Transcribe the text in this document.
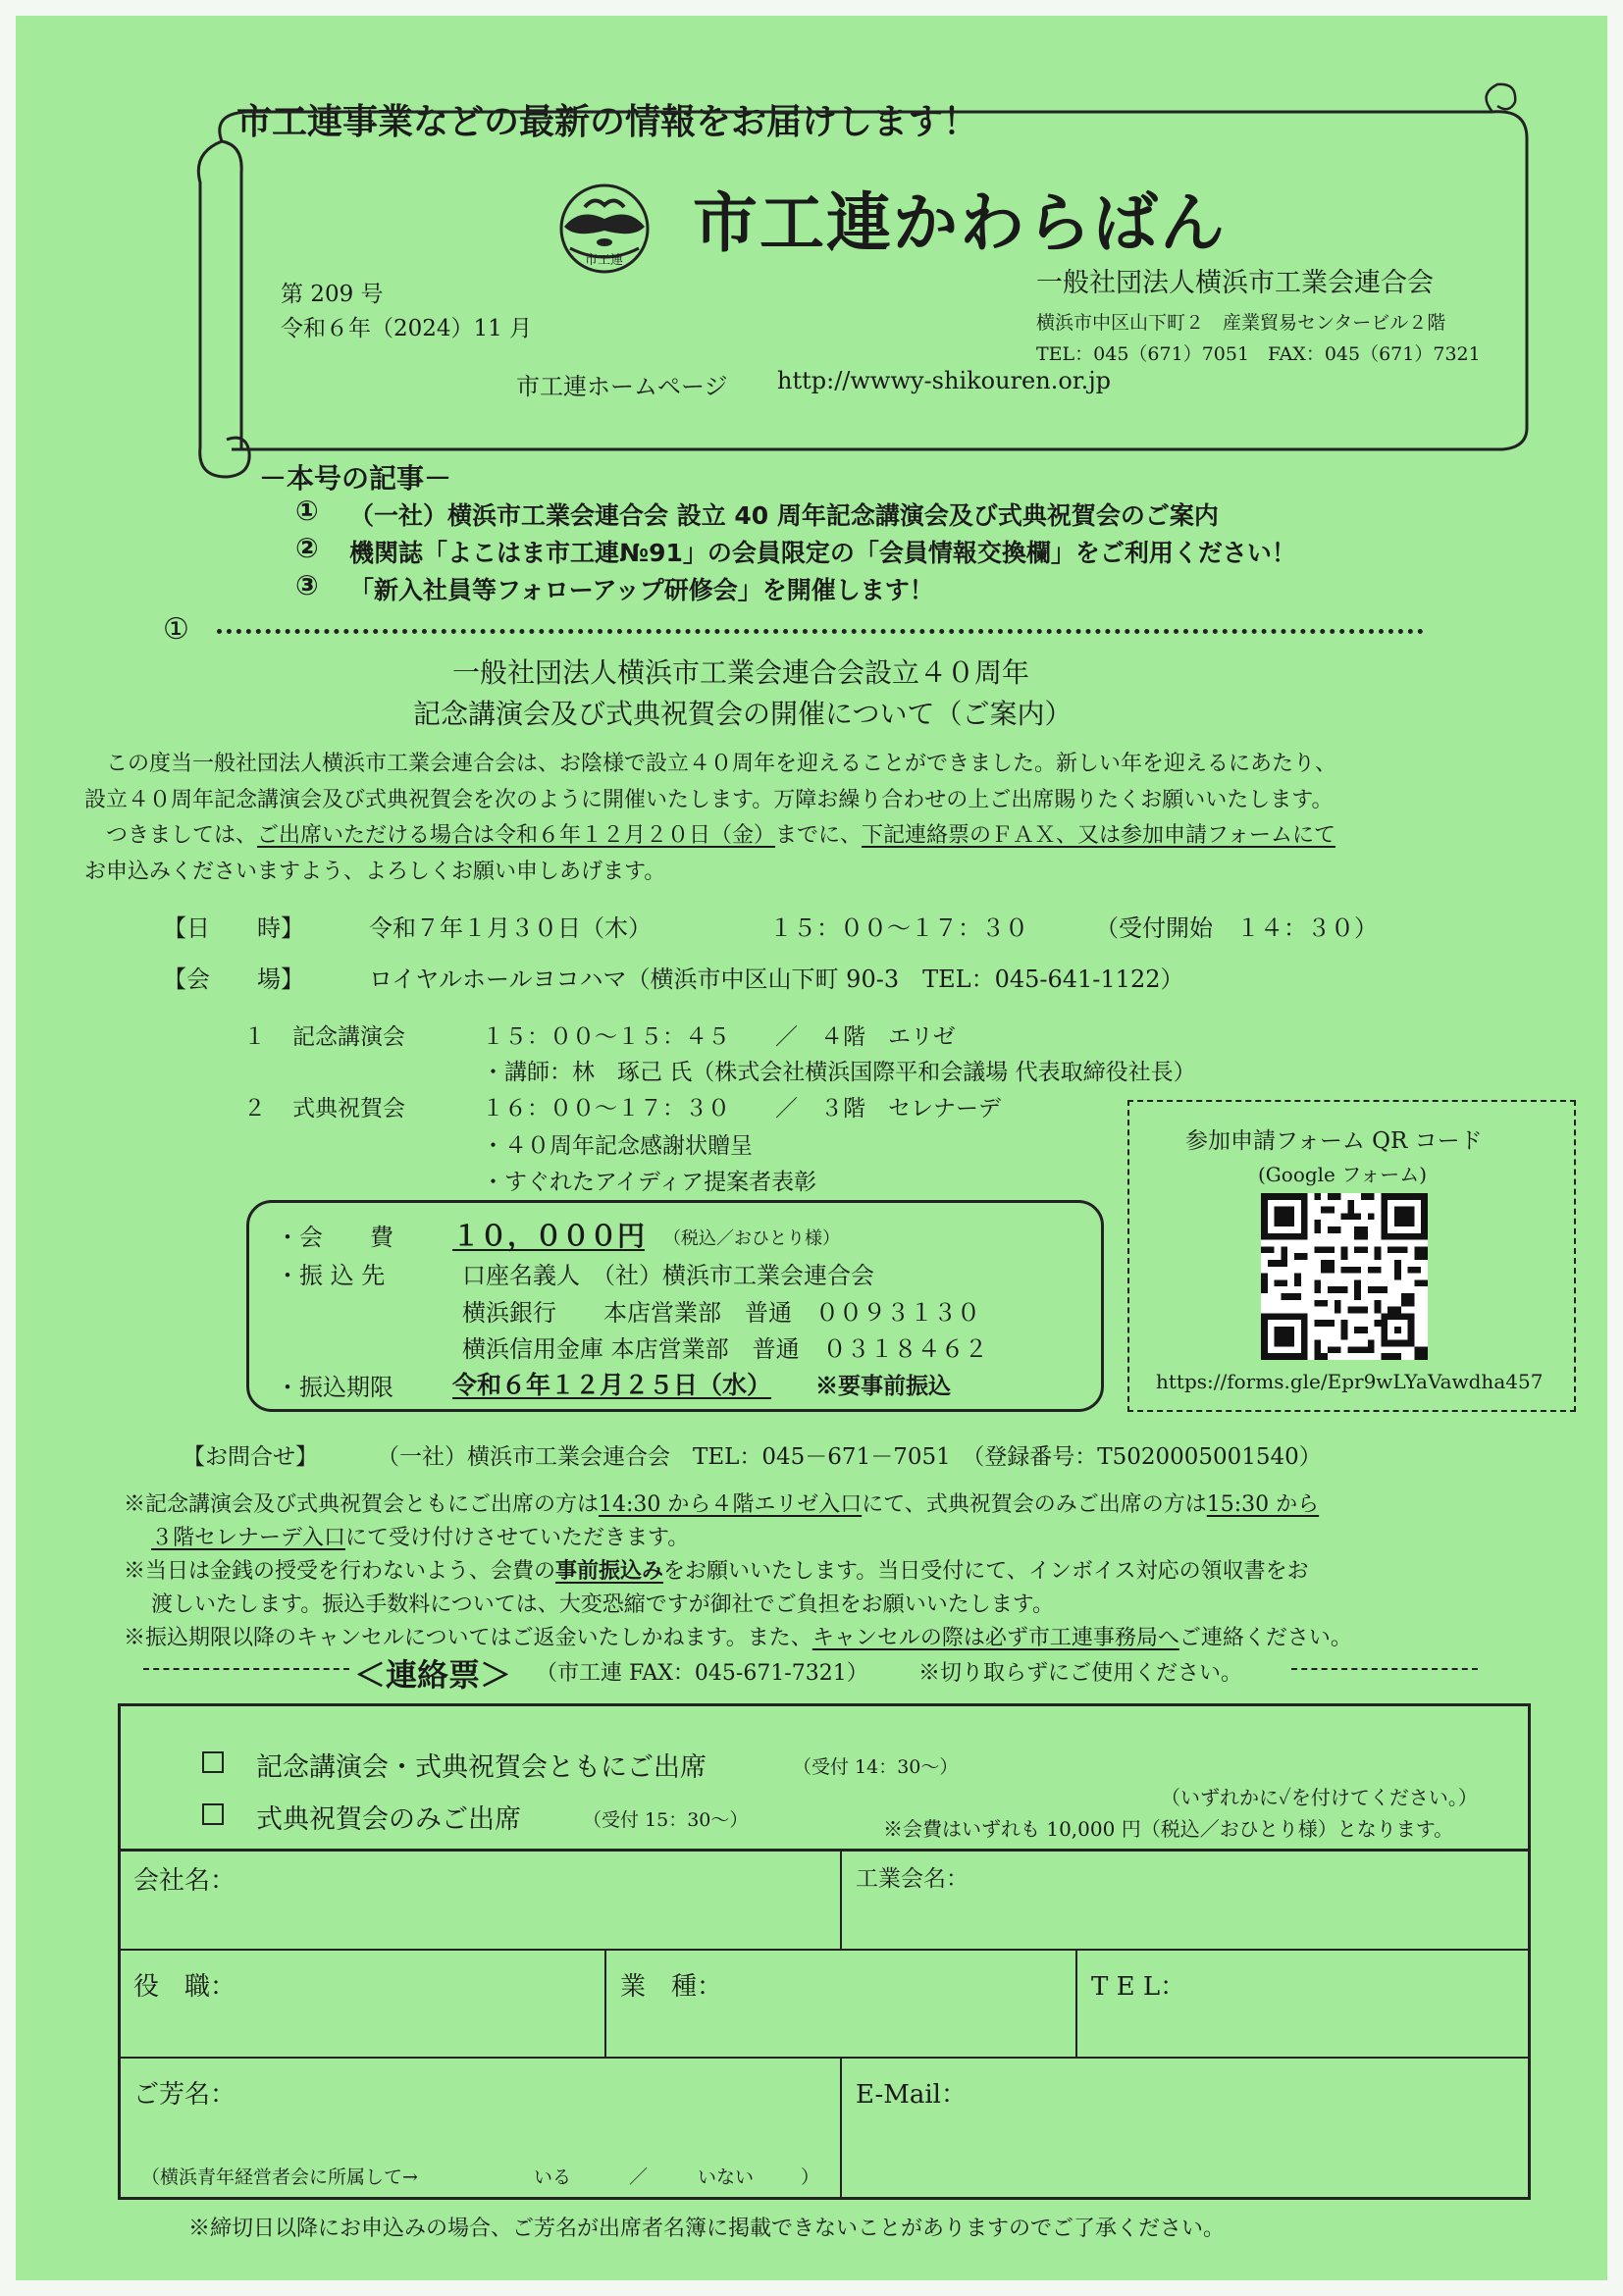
市工連事業などの最新の情報をお届けします！
市工連 市工連かわらばん
第 209 号
令和６年（2024）11 月
一般社団法人横浜市工業会連合会
横浜市中区山下町２　産業貿易センタービル２階
TEL：045（671）7051　FAX：045（671）7321
市工連ホームページ http://wwwy-shikouren.or.jp
－本号の記事－
① （一社）横浜市工業会連合会 設立 40 周年記念講演会及び式典祝賀会のご案内
② 機関誌「よこはま市工連№91」の会員限定の「会員情報交換欄」をご利用ください！
③ 「新入社員等フォローアップ研修会」を開催します！
①
一般社団法人横浜市工業会連合会設立４０周年
記念講演会及び式典祝賀会の開催について（ご案内）
この度当一般社団法人横浜市工業会連合会は、お陰様で設立４０周年を迎えることができました。新しい年を迎えるにあたり、
設立４０周年記念講演会及び式典祝賀会を次のように開催いたします。万障お繰り合わせの上ご出席賜りたくお願いいたします。
つきましては、ご出席いただける場合は令和６年１２月２０日（金）までに、下記連絡票のＦＡＸ、又は参加申請フォームにて
お申込みくださいますよう、よろしくお願い申しあげます。
【日　　時】	令和７年１月３０日（木）	１５：００～１７：３０	（受付開始　１４：３０）
【会　　場】	ロイヤルホールヨコハマ（横浜市中区山下町 90-3　TEL：045-641-1122）
１ 記念講演会	１５：００～１５：４５　　／　４階　エリゼ
・講師：林　琢己 氏（株式会社横浜国際平和会議場 代表取締役社長）
２ 式典祝賀会	１６：００～１７：３０　　／　３階　セレナーデ
・４０周年記念感謝状贈呈
・すぐれたアイディア提案者表彰
・会　　費 １０，０００円 （税込／おひとり様）
・振 込 先	口座名義人　（社）横浜市工業会連合会
横浜銀行　　本店営業部　普通　００９３１３０
横浜信用金庫 本店営業部　普通　０３１８４６２
・振込期限 令和６年１２月２５日（水） ※要事前振込
参加申請フォーム QR コード
(Google フォーム)
https://forms.gle/Epr9wLYaVawdha457
【お問合せ】	（一社）横浜市工業会連合会　TEL：045－671－7051　（登録番号：T5020005001540）
※記念講演会及び式典祝賀会ともにご出席の方は14:30 から４階エリゼ入口にて、式典祝賀会のみご出席の方は15:30 から
３階セレナーデ入口にて受け付けさせていただきます。
※当日は金銭の授受を行わないよう、会費の事前振込みをお願いいたします。当日受付にて、インボイス対応の領収書をお
渡しいたします。振込手数料については、大変恐縮ですが御社でご負担をお願いいたします。
※振込期限以降のキャンセルについてはご返金いたしかねます。また、キャンセルの際は必ず市工連事務局へご連絡ください。
＜連絡票＞ （市工連 FAX：045-671-7321） ※切り取らずにご使用ください。
記念講演会・式典祝賀会ともにご出席	（受付 14：30～）
式典祝賀会のみご出席	（受付 15：30～）
（いずれかに✓を付けてください。）
※会費はいずれも 10,000 円（税込／おひとり様）となります。
会社名：	工業会名：
役　職：	業　種：	T E L：
ご芳名：	E-Mail：
（横浜青年経営者会に所属して→	いる	／	いない	）
※締切日以降にお申込みの場合、ご芳名が出席者名簿に掲載できないことがありますのでご了承ください。
